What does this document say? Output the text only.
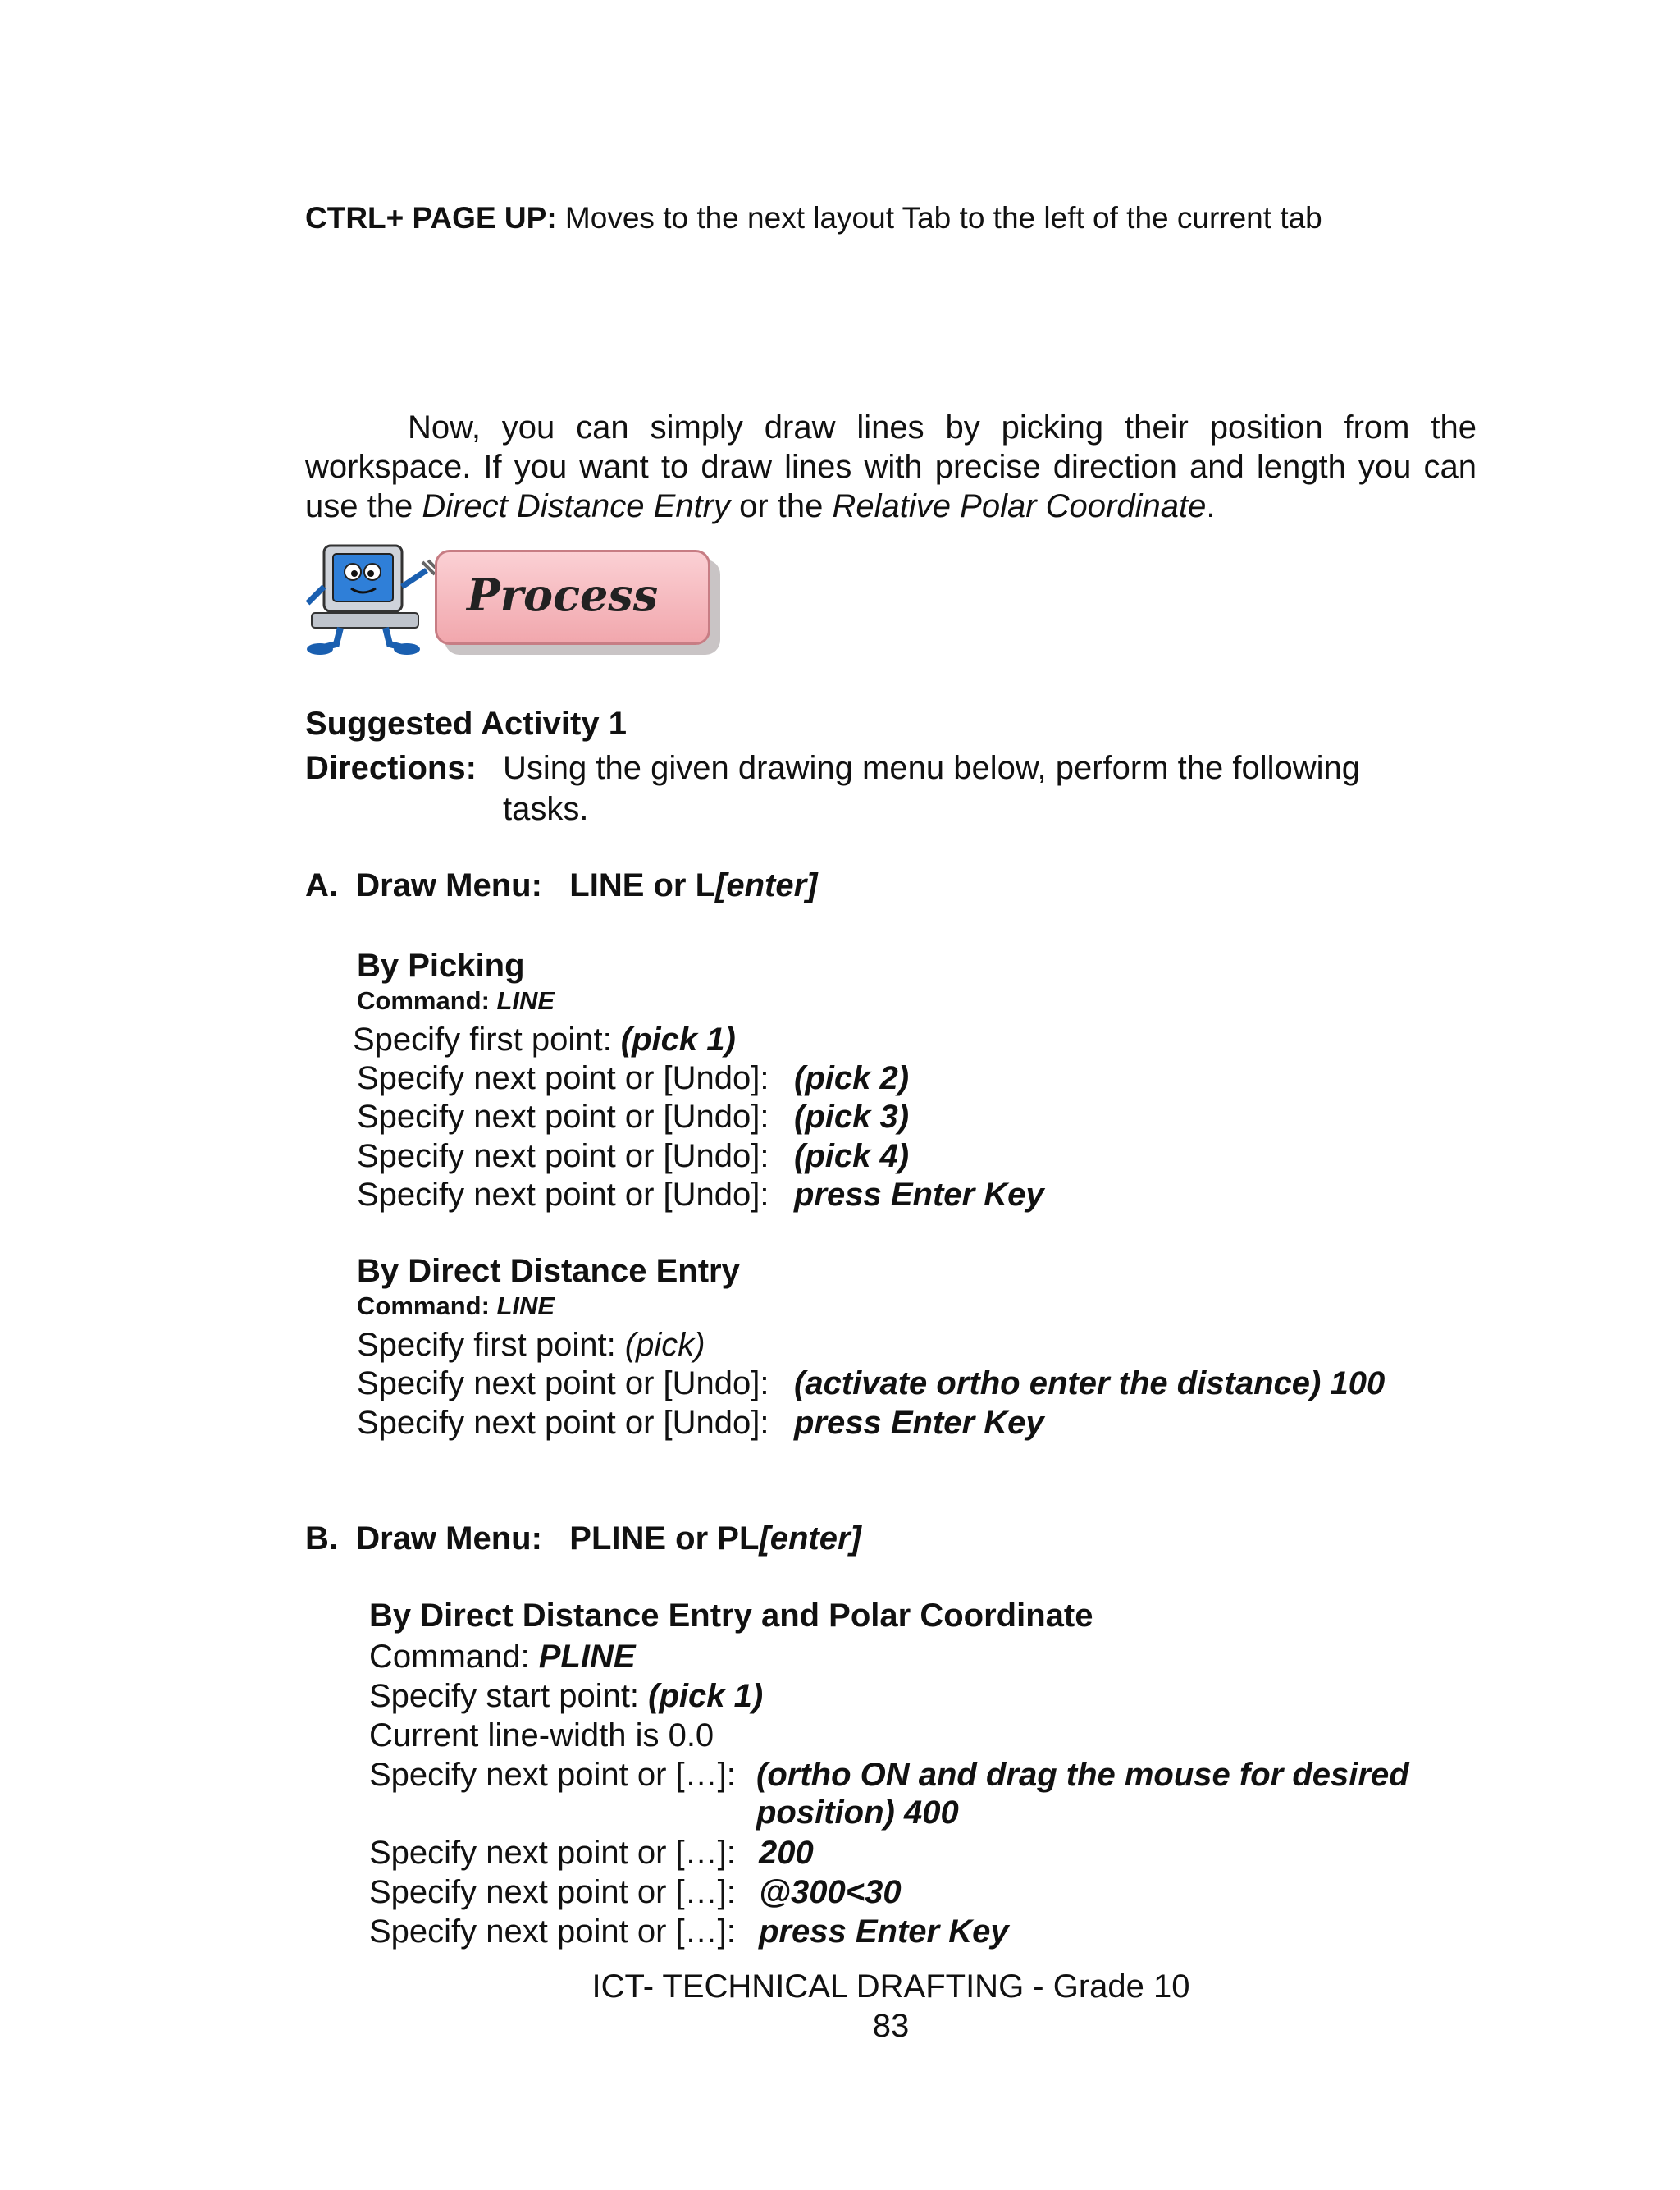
CTRL+ PAGE UP: Moves to the next layout Tab to the left of the current tab

Now, you can simply draw lines by picking their position from the workspace. If you want to draw lines with precise direction and length you can use the Direct Distance Entry or the Relative Polar Coordinate.

Process
Suggested Activity 1
Directions: Using the given drawing menu below, perform the following
tasks.
A. Draw Menu: LINE or L[enter]
By Picking
Command: LINE
Specify first point: (pick 1)
Specify next point or [Undo]: (pick 2)
Specify next point or [Undo]: (pick 3)
Specify next point or [Undo]: (pick 4)
Specify next point or [Undo]: press Enter Key
By Direct Distance Entry
Command: LINE
Specify first point: (pick)
Specify next point or [Undo]: (activate ortho enter the distance) 100
Specify next point or [Undo]: press Enter Key
B. Draw Menu: PLINE or PL[enter]
By Direct Distance Entry and Polar Coordinate
Command: PLINE
Specify start point: (pick 1)
Current line-width is 0.0
Specify next point or […]: (ortho ON and drag the mouse for desired
position) 400
Specify next point or […]: 200
Specify next point or […]: @300<30
Specify next point or […]: press Enter Key
ICT- TECHNICAL DRAFTING - Grade 10
83
